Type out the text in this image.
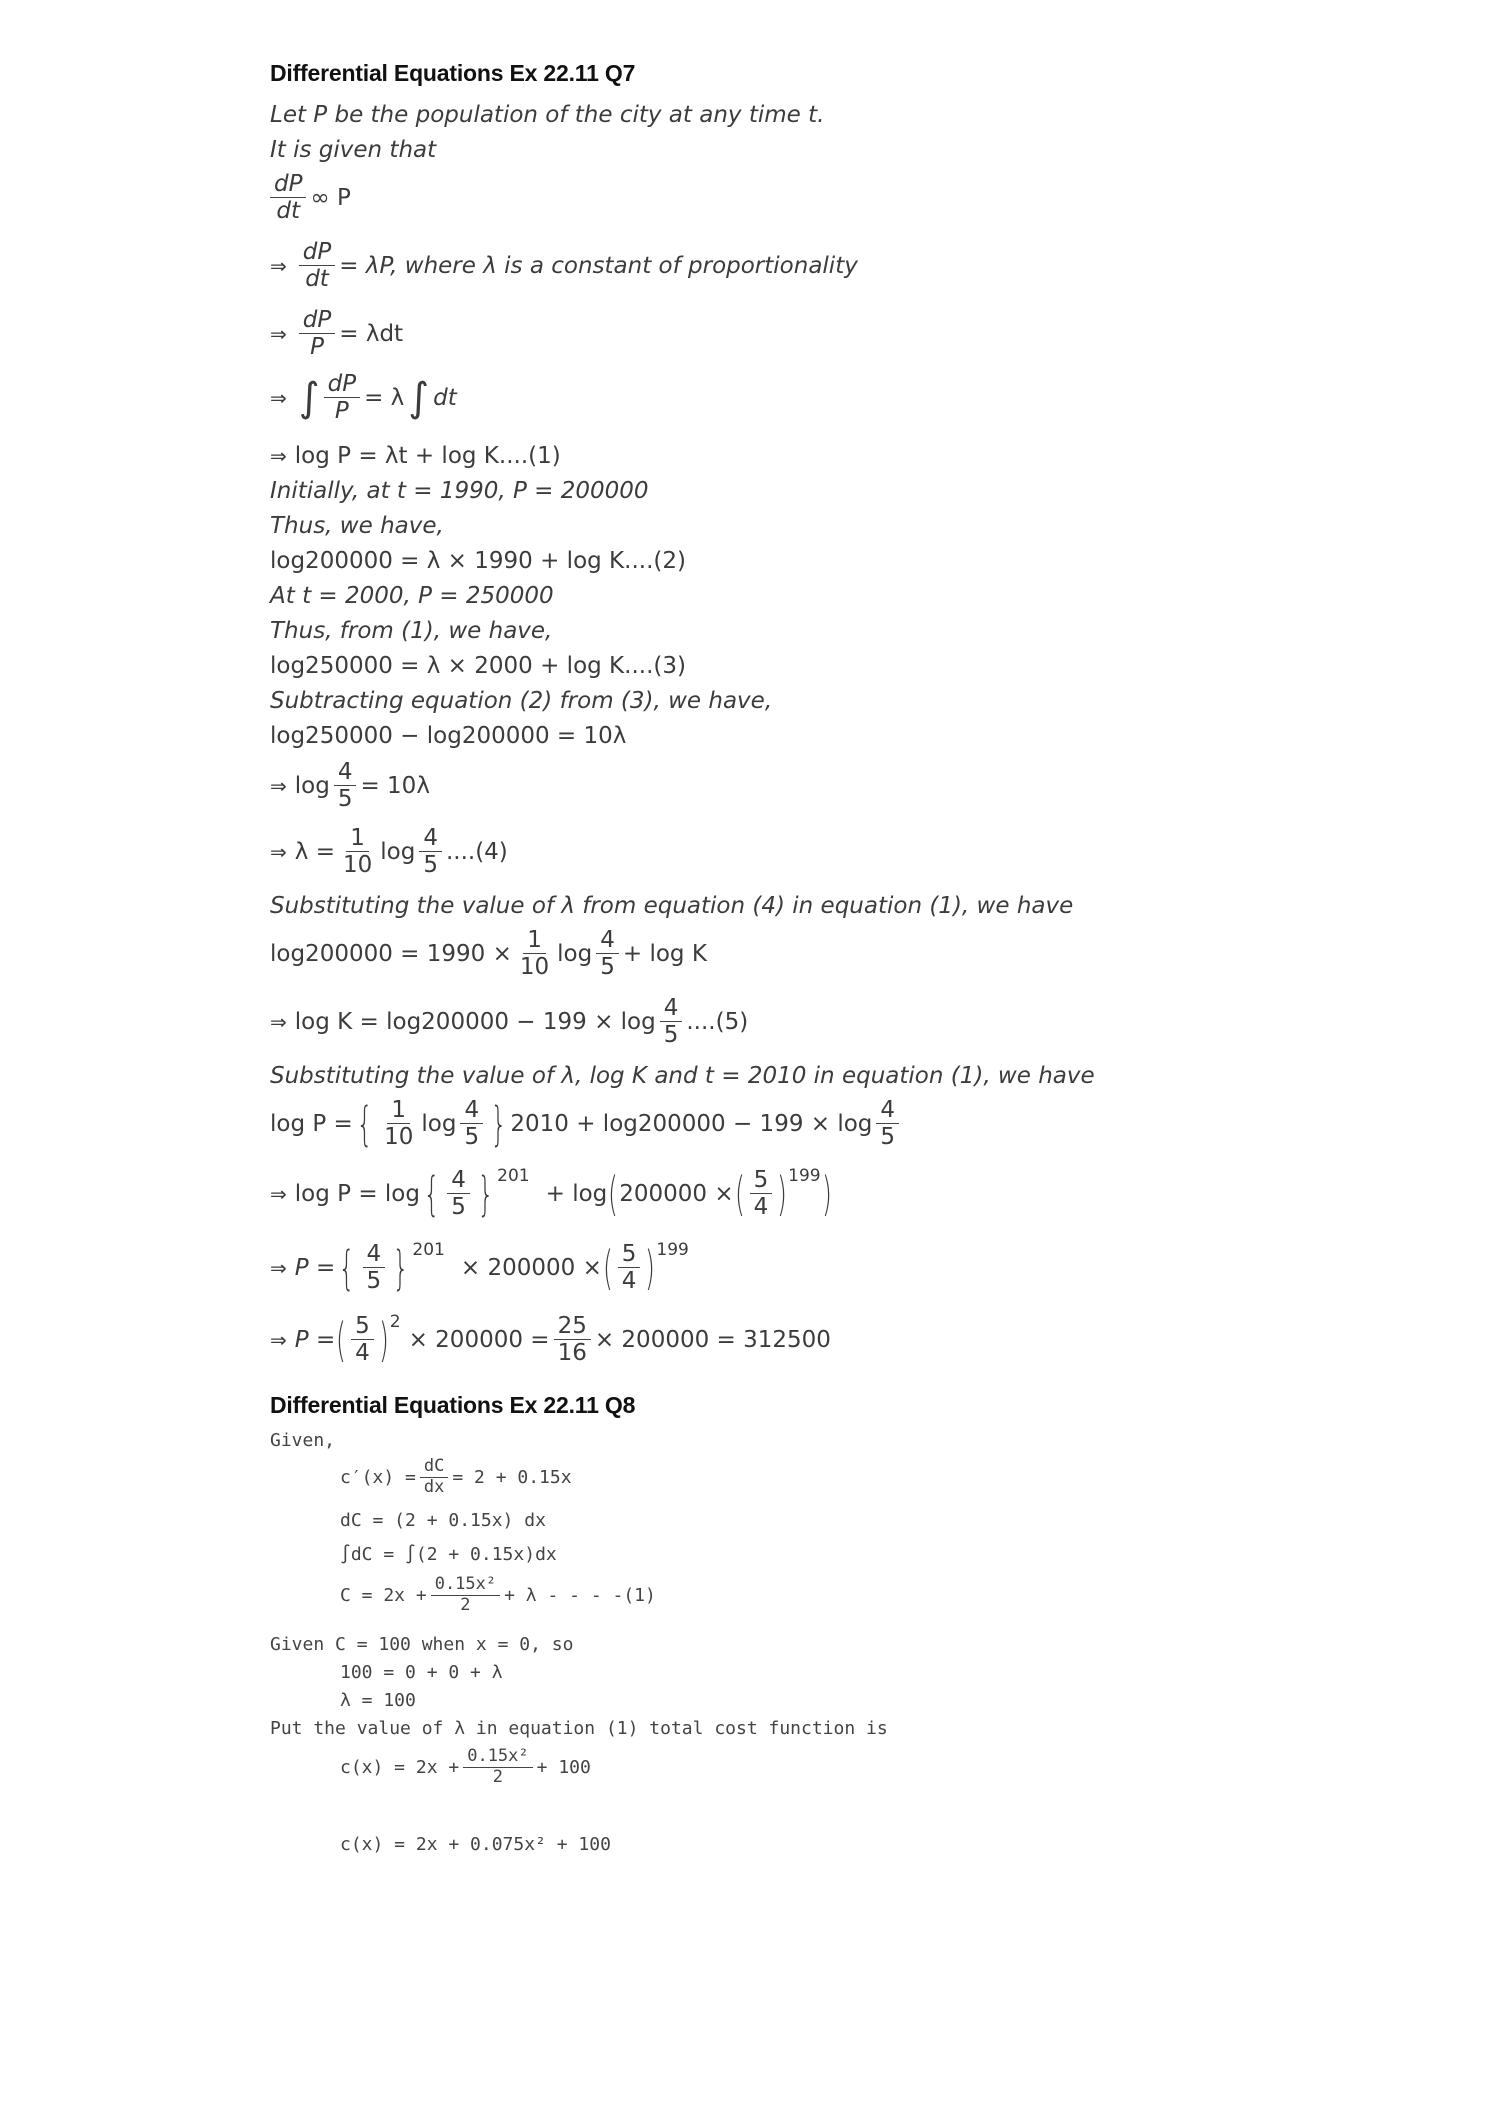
Differential Equations Ex 22.11 Q7
Let P be the population of the city at any time t.
It is given that
$\frac{dP}{dt}$ ∞ P
⇒ $\frac{dP}{dt} = \lambda P$, where λ is a constant of proportionality
⇒ $\frac{dP}{P} = \lambda dt$
⇒ ∫ $\frac{dP}{P} = \lambda$ ∫ dt
⇒ log P = λt + log K....(1)
Initially, at t = 1990, P = 200000
Thus, we have,
log200000 = λ × 1990 + log K....(2)
At t = 2000, P = 250000
Thus, from (1), we have,
log250000 = λ × 2000 + log K....(3)
Subtracting equation (2) from (3), we have,
log250000 − log200000 = 10λ
⇒ $\log \frac{4}{5} = 10\lambda$
⇒ $\lambda = \frac{1}{10}$ $\log \frac{4}{5} ....(4)$
Substituting the value of λ from equation (4) in equation (1), we have
$\log 200000 = 1990 \times \frac{1}{10}$ $\log \frac{4}{5} + \log K$
⇒ $\log K = \log 200000 - 199 \times \log \frac{4}{5} ....(5)$
Substituting the value of λ, log K and t = 2010 in equation (1), we have
log P = { $\frac{1}{10}$ $\log \frac{4}{5}$ } $2010 + \log 200000 - 199 \times \log \frac{4}{5}$
⇒ log P = log { $\frac{4}{5}$ } 201
+ log ( 200000 × ( $\frac{5}{4}$ ) 199 )
⇒ P = { $\frac{4}{5}$ } 201
× 200000 × ( $\frac{5}{4}$ ) 199
⇒ P = ( $\frac{5}{4}$ ) 2
× $200000 = \frac{25}{16} \times 200000 = 312500$
Differential Equations Ex 22.11 Q8
Given,
$c'(x) = \frac{dC}{dx} = 2 + 0.15x$
dC = (2 + 0.15x) dx
∫dC = ∫(2 + 0.15x)dx
$C = 2x + \frac{\text{0.15x²}}{2} + \lambda$ - - - -(1)
Given C = 100 when x = 0, so
100 = 0 + 0 + λ
λ = 100
Put the value of λ in equation (1) total cost function is
$c(x) = 2x + \frac{\text{0.15x²}}{2} + 100$
c(x) = 2x + 0.075x² + 100
